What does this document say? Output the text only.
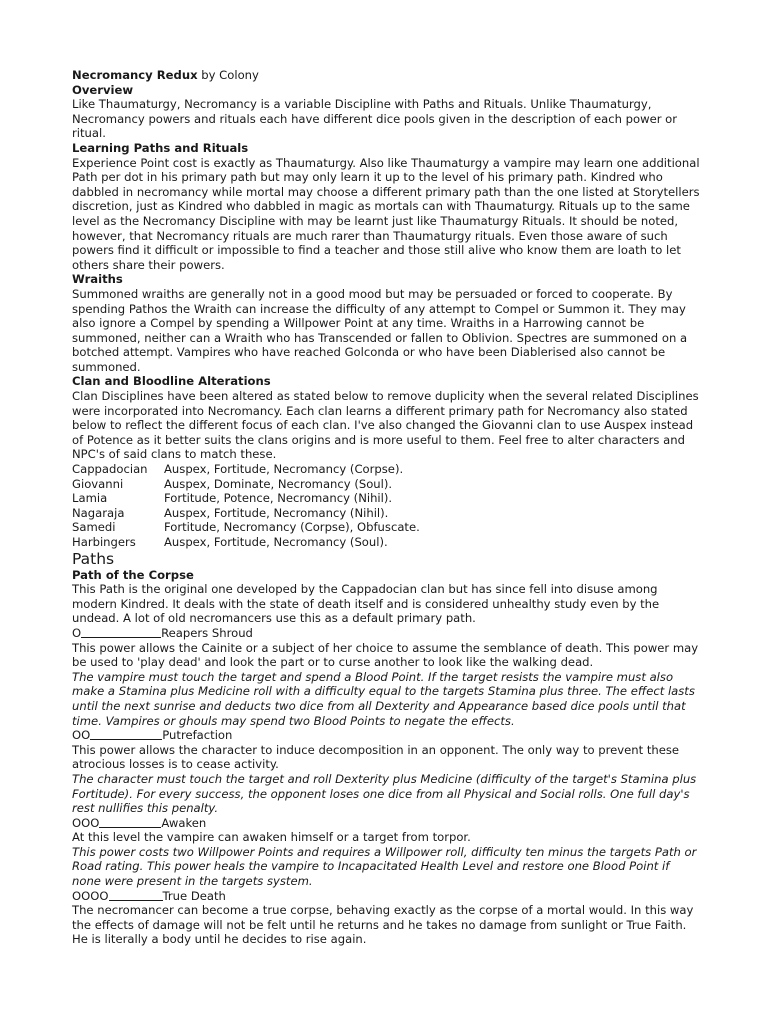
Necromancy Redux by Colony

Overview

Like Thaumaturgy, Necromancy is a variable Discipline with Paths and Rituals. Unlike Thaumaturgy, Necromancy powers and rituals each have different dice pools given in the description of each power or ritual.

Learning Paths and Rituals

Experience Point cost is exactly as Thaumaturgy. Also like Thaumaturgy a vampire may learn one additional Path per dot in his primary path but may only learn it up to the level of his primary path. Kindred who dabbled in necromancy while mortal may choose a different primary path than the one listed at Storytellers discretion, just as Kindred who dabbled in magic as mortals can with Thaumaturgy. Rituals up to the same level as the Necromancy Discipline with may be learnt just like Thaumaturgy Rituals. It should be noted, however, that Necromancy rituals are much rarer than Thaumaturgy rituals. Even those aware of such powers find it difficult or impossible to find a teacher and those still alive who know them are loath to let others share their powers.

Wraiths

Summoned wraiths are generally not in a good mood but may be persuaded or forced to cooperate. By spending Pathos the Wraith can increase the difficulty of any attempt to Compel or Summon it. They may also ignore a Compel by spending a Willpower Point at any time. Wraiths in a Harrowing cannot be summoned, neither can a Wraith who has Transcended or fallen to Oblivion. Spectres are summoned on a botched attempt. Vampires who have reached Golconda or who have been Diablerised also cannot be summoned.

Clan and Bloodline Alterations

Clan Disciplines have been altered as stated below to remove duplicity when the several related Disciplines were incorporated into Necromancy. Each clan learns a different primary path for Necromancy also stated below to reflect the different focus of each clan. I've also changed the Giovanni clan to use Auspex instead of Potence as it better suits the clans origins and is more useful to them. Feel free to alter characters and NPC's of said clans to match these.

Cappadocian	Auspex, Fortitude, Necromancy (Corpse).
Giovanni	Auspex, Dominate, Necromancy (Soul).
Lamia	Fortitude, Potence, Necromancy (Nihil).
Nagaraja	Auspex, Fortitude, Necromancy (Nihil).
Samedi	Fortitude, Necromancy (Corpse), Obfuscate.
Harbingers	Auspex, Fortitude, Necromancy (Soul).

Paths

Path of the Corpse

This Path is the original one developed by the Cappadocian clan but has since fell into disuse among modern Kindred. It deals with the state of death itself and is considered unhealthy study even by the undead. A lot of old necromancers use this as a default primary path.

O	Reapers Shroud

This power allows the Cainite or a subject of her choice to assume the semblance of death. This power may be used to 'play dead' and look the part or to curse another to look like the walking dead.

The vampire must touch the target and spend a Blood Point. If the target resists the vampire must also make a Stamina plus Medicine roll with a difficulty equal to the targets Stamina plus three. The effect lasts until the next sunrise and deducts two dice from all Dexterity and Appearance based dice pools until that time. Vampires or ghouls may spend two Blood Points to negate the effects.

OO	Putrefaction

This power allows the character to induce decomposition in an opponent. The only way to prevent these atrocious losses is to cease activity.

The character must touch the target and roll Dexterity plus Medicine (difficulty of the target's Stamina plus Fortitude). For every success, the opponent loses one dice from all Physical and Social rolls. One full day's rest nullifies this penalty.

OOO	Awaken

At this level the vampire can awaken himself or a target from torpor.

This power costs two Willpower Points and requires a Willpower roll, difficulty ten minus the targets Path or Road rating. This power heals the vampire to Incapacitated Health Level and restore one Blood Point if none were present in the targets system.

OOOO	True Death

The necromancer can become a true corpse, behaving exactly as the corpse of a mortal would. In this way the effects of damage will not be felt until he returns and he takes no damage from sunlight or True Faith. He is literally a body until he decides to rise again.
